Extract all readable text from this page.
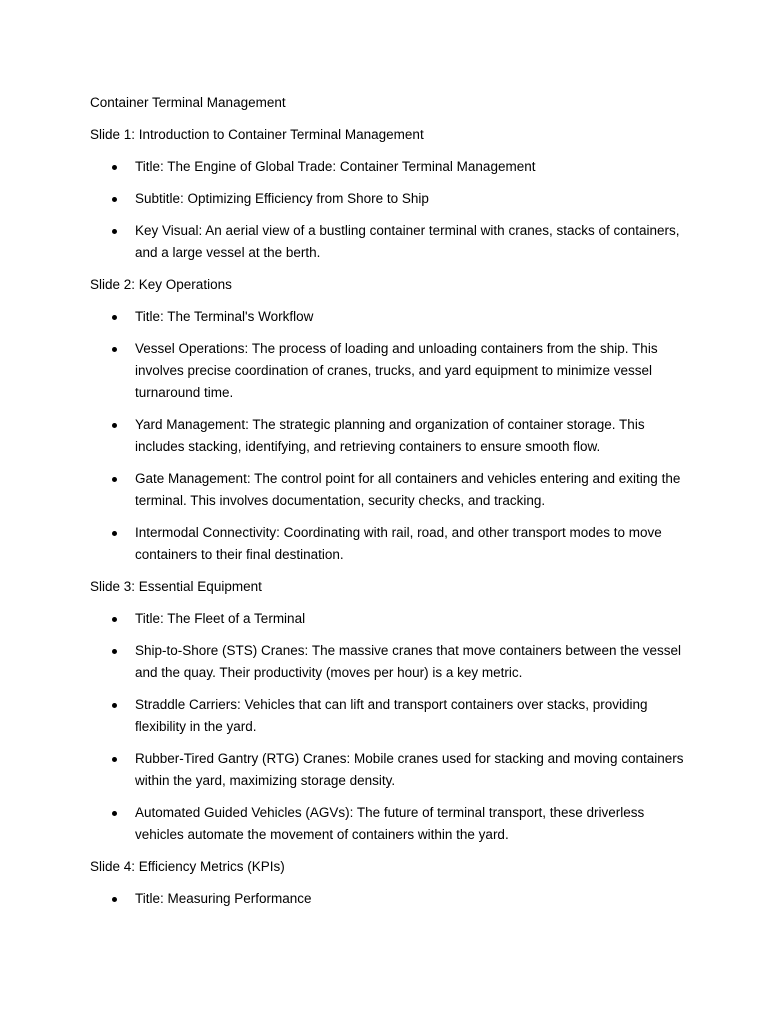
Container Terminal Management

Slide 1: Introduction to Container Terminal Management

Title: The Engine of Global Trade: Container Terminal Management
Subtitle: Optimizing Efficiency from Shore to Ship
Key Visual: An aerial view of a bustling container terminal with cranes, stacks of containers, and a large vessel at the berth.

Slide 2: Key Operations

Title: The Terminal's Workflow
Vessel Operations: The process of loading and unloading containers from the ship. This involves precise coordination of cranes, trucks, and yard equipment to minimize vessel turnaround time.
Yard Management: The strategic planning and organization of container storage. This includes stacking, identifying, and retrieving containers to ensure smooth flow.
Gate Management: The control point for all containers and vehicles entering and exiting the terminal. This involves documentation, security checks, and tracking.
Intermodal Connectivity: Coordinating with rail, road, and other transport modes to move containers to their final destination.

Slide 3: Essential Equipment

Title: The Fleet of a Terminal
Ship-to-Shore (STS) Cranes: The massive cranes that move containers between the vessel and the quay. Their productivity (moves per hour) is a key metric.
Straddle Carriers: Vehicles that can lift and transport containers over stacks, providing flexibility in the yard.
Rubber-Tired Gantry (RTG) Cranes: Mobile cranes used for stacking and moving containers within the yard, maximizing storage density.
Automated Guided Vehicles (AGVs): The future of terminal transport, these driverless vehicles automate the movement of containers within the yard.

Slide 4: Efficiency Metrics (KPIs)

Title: Measuring Performance
